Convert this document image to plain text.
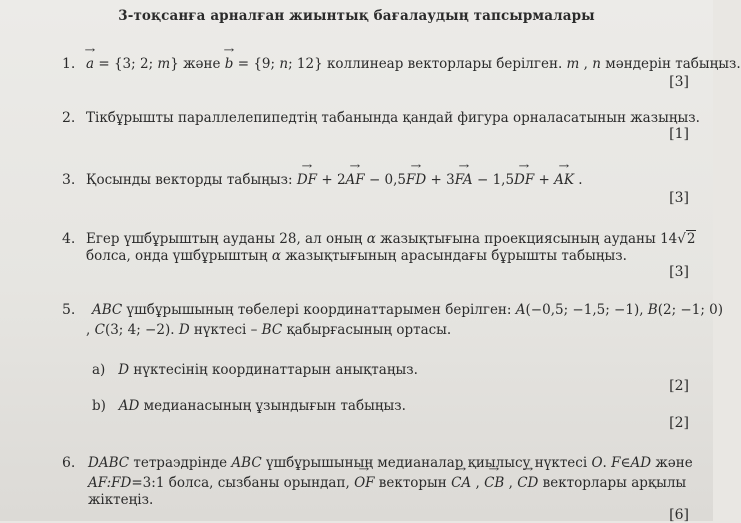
3-тоқсанға арналған жиынтық бағалаудың тапсырмалары
1.
→ a = {3; 2; m} және → b = {9; n; 12} коллинеар векторлары берілген. m , n мәндерін табыңыз.
[3]
2. Тікбұрышты параллелепипедтің табанында қандай фигура орналасатынын жазыңыз.
[1]
3. Қосынды векторды табыңыз: → DF + 2→ AF − 0,5→ FD + 3→ FA − 1,5→ DF + → AK .
[3]
4. Егер үшбұрыштың ауданы 28, ал оның α жазықтығына проекциясының ауданы 14√2
болса, онда үшбұрыштың α жазықтығының арасындағы бұрышты табыңыз.
[3]
5. ABC үшбұрышының төбелері координаттарымен берілген: A(−0,5; −1,5; −1), B(2; −1; 0)
, C(3; 4; −2). D нүктесі – BC қабырғасының ортасы.
a) D нүктесінің координаттарын анықтаңыз.
[2]
b) AD медианасының ұзындығын табыңыз.
[2]
6. DABC тетраэдрінде ABC үшбұрышының медианалар қиылысу нүктесі O. F∈AD және
AF:FD=3:1 болса, сызбаны орындап, → OF векторын → CA , → CB , → CD векторлары арқылы
жіктеңіз.
[6]
